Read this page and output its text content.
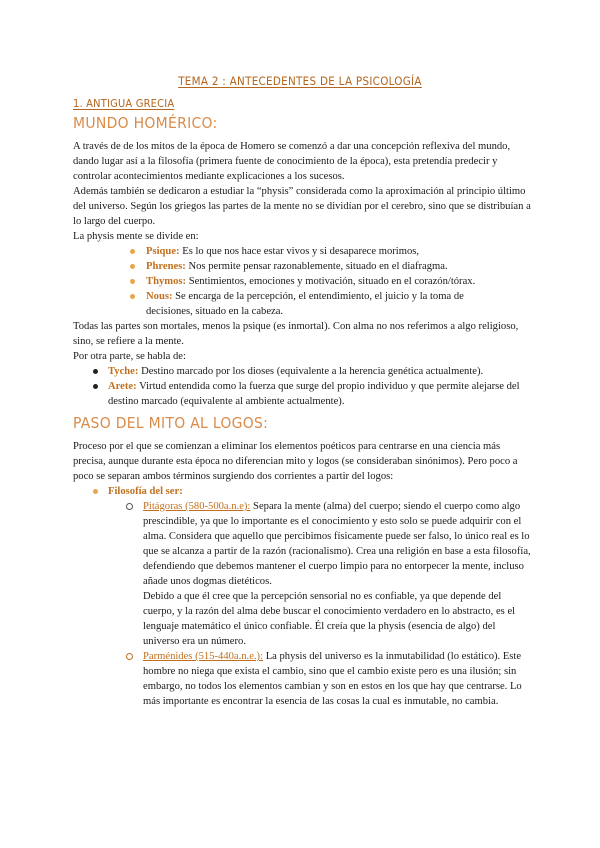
TEMA 2 : ANTECEDENTES DE LA PSICOLOGÍA
1. ANTIGUA GRECIA
MUNDO HOMÉRICO:

A través de de los mitos de la época de Homero se comenzó a dar una concepción reflexiva del mundo, dando lugar así a la filosofía (primera fuente de conocimiento de la época), esta pretendía predecir y controlar acontecimientos mediante explicaciones a los sucesos.

Además también se dedicaron a estudiar la “physis” considerada como la aproximación al principio último del universo. Según los griegos las partes de la mente no se dividían por el cerebro, sino que se distribuían a lo largo del cuerpo.

La physis mente se divide en:

Psique: Es lo que nos hace estar vivos y si desaparece morimos,
Phrenes: Nos permite pensar razonablemente, situado en el diafragma.
Thymos: Sentimientos, emociones y motivación, situado en el corazón/tórax.
Nous: Se encarga de la percepción, el entendimiento, el juicio y la toma de decisiones, situado en la cabeza.

Todas las partes son mortales, menos la psique (es inmortal). Con alma no nos referimos a algo religioso, sino, se refiere a la mente.

Por otra parte, se habla de:

Tyche: Destino marcado por los dioses (equivalente a la herencia genética actualmente).
Arete: Virtud entendida como la fuerza que surge del propio individuo y que permite alejarse del destino marcado (equivalente al ambiente actualmente).
PASO DEL MITO AL LOGOS:

Proceso por el que se comienzan a eliminar los elementos poéticos para centrarse en una ciencia más precisa, aunque durante esta época no diferencian mito y logos (se consideraban sinónimos). Pero poco a poco se separan ambos términos surgiendo dos corrientes a partir del logos:

Filosofía del ser:
Pitágoras (580-500a.n.e): Separa la mente (alma) del cuerpo; siendo el cuerpo como algo prescindible, ya que lo importante es el conocimiento y esto solo se puede adquirir con el alma. Considera que aquello que percibimos físicamente puede ser falso, lo único real es lo que se alcanza a partir de la razón (racionalismo). Crea una religión en base a esta filosofía, defendiendo que debemos mantener el cuerpo limpio para no entorpecer la mente, incluso añade unos dogmas dietéticos.
Debido a que él cree que la percepción sensorial no es confiable, ya que depende del cuerpo, y la razón del alma debe buscar el conocimiento verdadero en lo abstracto, es el lenguaje matemático el único confiable. Él creía que la physis (esencia de algo) del universo era un número.
Parménides (515-440a.n.e.): La physis del universo es la inmutabilidad (lo estático). Este hombre no niega que exista el cambio, sino que el cambio existe pero es una ilusión; sin embargo, no todos los elementos cambian y son en estos en los que hay que centrarse. Lo más importante es encontrar la esencia de las cosas la cual es inmutable, no cambia.
